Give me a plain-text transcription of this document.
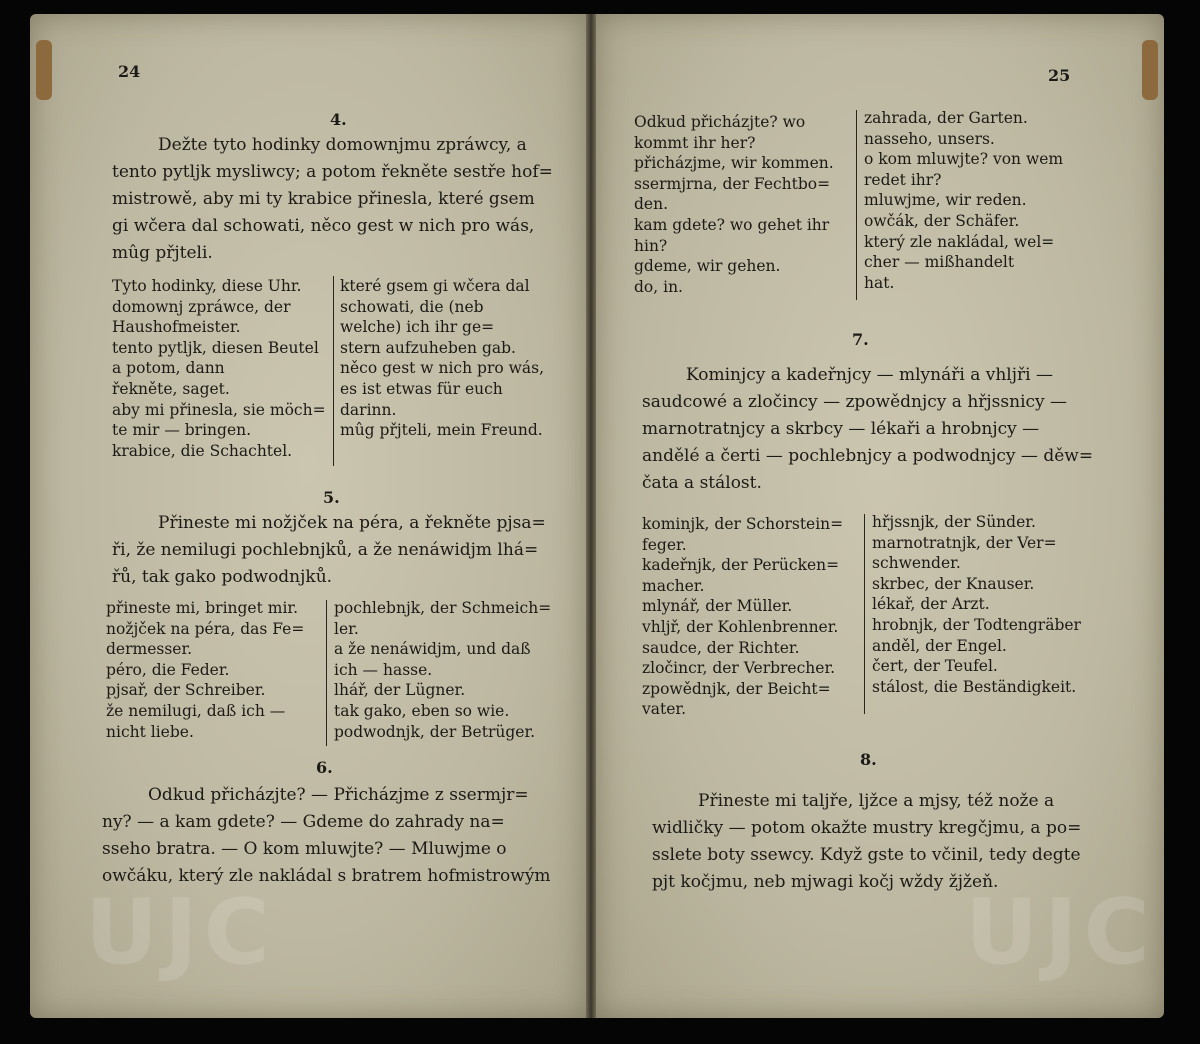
UJC	UJC
24
4.
Dežte tyto hodinky domownjmu zpráwcy, a
tento pytljk mysliwcy; a potom řekněte sestře hof=
mistrowě, aby mi ty krabice přinesla, které gsem
gi wčera dal schowati, něco gest w nich pro wás,
mûg přjteli.
Tyto hodinky, diese Uhr.
domownj zpráwce, der
Haushofmeister.
tento pytljk, diesen Beutel
a potom, dann
řekněte, saget.
aby mi přinesla, sie möch=
te mir — bringen.
krabice, die Schachtel.
které gsem gi wčera dal
schowati, die (neb
welche) ich ihr ge=
stern aufzuheben gab.
něco gest w nich pro wás,
es ist etwas für euch
darinn.
mûg přjteli, mein Freund.
5.
Přineste mi nožjček na péra, a řekněte pjsa=
ři, že nemilugi pochlebnjků, a že nenáwidjm lhá=
řů, tak gako podwodnjků.
přineste mi, bringet mir.
nožjček na péra, das Fe=
dermesser.
péro, die Feder.
pjsař, der Schreiber.
že nemilugi, daß ich —
nicht liebe.
pochlebnjk, der Schmeich=
ler.
a že nenáwidjm, und daß
ich — hasse.
lhář, der Lügner.
tak gako, eben so wie.
podwodnjk, der Betrüger.
6.
Odkud přicházjte? — Přicházjme z ssermjr=
ny? — a kam gdete? — Gdeme do zahrady na=
sseho bratra. — O kom mluwjte? — Mluwjme o
owčáku, který zle nakládal s bratrem hofmistrowým
25
Odkud přicházjte? wo
kommt ihr her?
přicházjme, wir kommen.
ssermjrna, der Fechtbo=
den.
kam gdete? wo gehet ihr
hin?
gdeme, wir gehen.
do, in.
zahrada, der Garten.
nasseho, unsers.
o kom mluwjte? von wem
redet ihr?
mluwjme, wir reden.
owčák, der Schäfer.
který zle nakládal, wel=
cher — mißhandelt
hat.
7.
Kominjcy a kadeřnjcy — mlynáři a vhljři —
saudcowé a zločincy — zpowědnjcy a hřjssnicy —
marnotratnjcy a skrbcy — lékaři a hrobnjcy —
andělé a čerti — pochlebnjcy a podwodnjcy — děw=
čata a stálost.
kominjk, der Schorstein=
feger.
kadeřnjk, der Perücken=
macher.
mlynář, der Müller.
vhljř, der Kohlenbrenner.
saudce, der Richter.
zločincr, der Verbrecher.
zpowědnjk, der Beicht=
vater.
hřjssnjk, der Sünder.
marnotratnjk, der Ver=
schwender.
skrbec, der Knauser.
lékař, der Arzt.
hrobnjk, der Todtengräber
anděl, der Engel.
čert, der Teufel.
stálost, die Beständigkeit.
8.
Přineste mi talјře, ljžce a mjsy, též nože a
widličky — potom okažte mustry kregčjmu, a po=
sslete boty ssewcy. Když gste to včinil, tedy degte
pjt kočjmu, neb mjwagi kočj wždy žjžeň.
